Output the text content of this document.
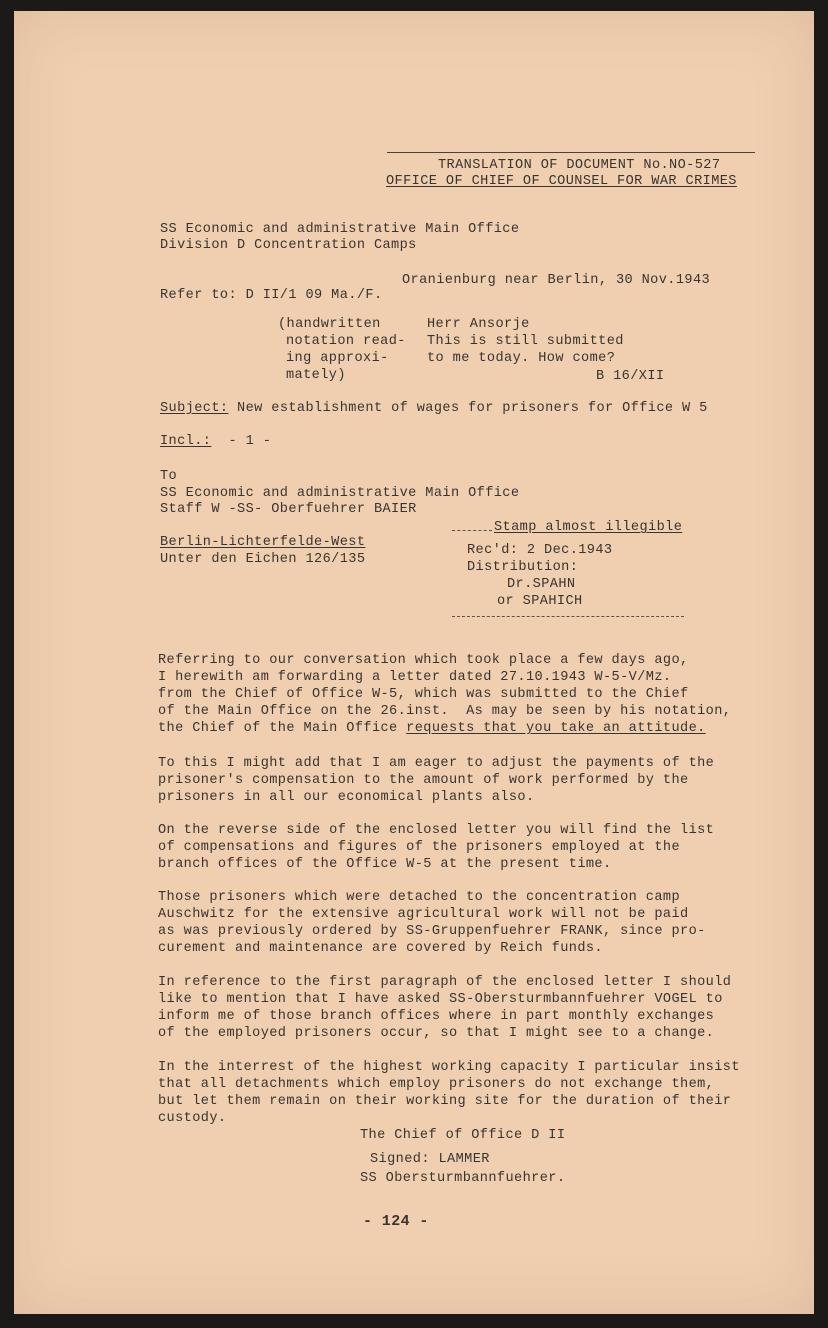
TRANSLATION OF DOCUMENT No.NO-527
OFFICE OF CHIEF OF COUNSEL FOR WAR CRIMES
SS Economic and administrative Main Office
Division D Concentration Camps
Oranienburg near Berlin, 30 Nov.1943
Refer to: D II/1 09 Ma./F.
(handwritten
notation read-
ing approxi-
mately)
Herr Ansorje
This is still submitted
to me today. How come?
B 16/XII
Subject: New establishment of wages for prisoners for Office W 5
Incl.:  - 1 -
To
SS Economic and administrative Main Office
Staff W -SS- Oberfuehrer BAIER
Berlin-Lichterfelde-West
Unter den Eichen 126/135
Stamp almost illegible
Rec'd: 2 Dec.1943
Distribution:
Dr.SPAHN
or SPAHICH
Referring to our conversation which took place a few days ago,
I herewith am forwarding a letter dated 27.10.1943 W-5-V/Mz.
from the Chief of Office W-5, which was submitted to the Chief
of the Main Office on the 26.inst.  As may be seen by his notation,
the Chief of the Main Office requests that you take an attitude.
To this I might add that I am eager to adjust the payments of the
prisoner's compensation to the amount of work performed by the
prisoners in all our economical plants also.
On the reverse side of the enclosed letter you will find the list
of compensations and figures of the prisoners employed at the
branch offices of the Office W-5 at the present time.
Those prisoners which were detached to the concentration camp
Auschwitz for the extensive agricultural work will not be paid
as was previously ordered by SS-Gruppenfuehrer FRANK, since pro-
curement and maintenance are covered by Reich funds.
In reference to the first paragraph of the enclosed letter I should
like to mention that I have asked SS-Obersturmbannfuehrer VOGEL to
inform me of those branch offices where in part monthly exchanges
of the employed prisoners occur, so that I might see to a change.
In the interrest of the highest working capacity I particular insist
that all detachments which employ prisoners do not exchange them,
but let them remain on their working site for the duration of their
custody.
The Chief of Office D II
Signed: LAMMER
SS Obersturmbannfuehrer.
- 124 -
